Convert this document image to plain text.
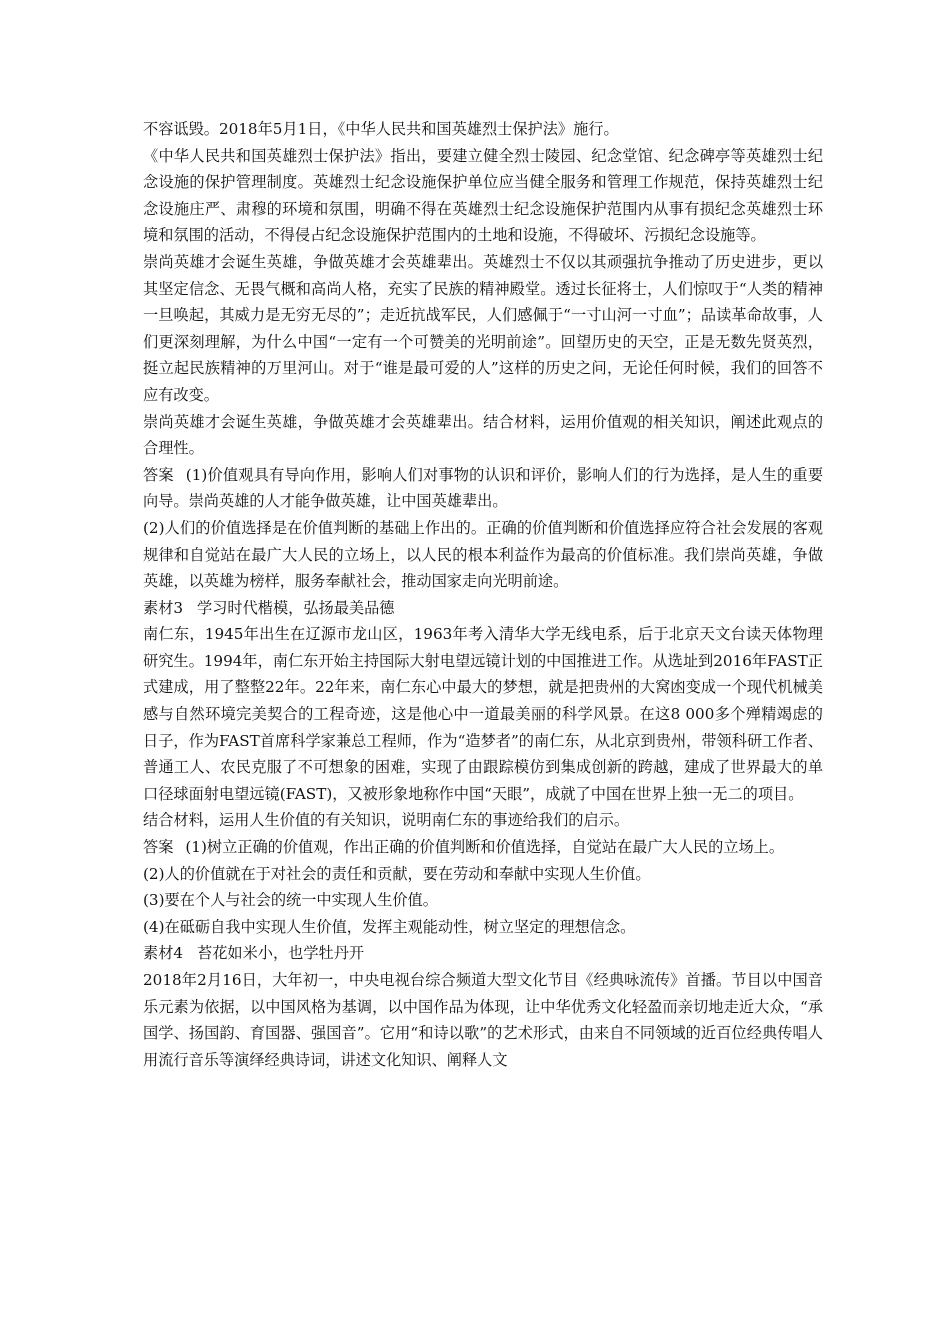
不容诋毁。2018年5月1日，《中华人民共和国英雄烈士保护法》施行。

《中华人民共和国英雄烈士保护法》指出，要建立健全烈士陵园、纪念堂馆、纪念碑亭等英雄烈士纪念设施的保护管理制度。英雄烈士纪念设施保护单位应当健全服务和管理工作规范，保持英雄烈士纪念设施庄严、肃穆的环境和氛围，明确不得在英雄烈士纪念设施保护范围内从事有损纪念英雄烈士环境和氛围的活动，不得侵占纪念设施保护范围内的土地和设施，不得破坏、污损纪念设施等。

崇尚英雄才会诞生英雄，争做英雄才会英雄辈出。英雄烈士不仅以其顽强抗争推动了历史进步，更以其坚定信念、无畏气概和高尚人格，充实了民族的精神殿堂。透过长征将士，人们惊叹于“人类的精神一旦唤起，其威力是无穷无尽的”；走近抗战军民，人们感佩于“一寸山河一寸血”；品读革命故事，人们更深刻理解，为什么中国“一定有一个可赞美的光明前途”。回望历史的天空，正是无数先贤英烈，挺立起民族精神的万里河山。对于“谁是最可爱的人”这样的历史之问，无论任何时候，我们的回答不应有改变。

崇尚英雄才会诞生英雄，争做英雄才会英雄辈出。结合材料，运用价值观的相关知识，阐述此观点的合理性。

答案 (1)价值观具有导向作用，影响人们对事物的认识和评价，影响人们的行为选择，是人生的重要向导。崇尚英雄的人才能争做英雄，让中国英雄辈出。

(2)人们的价值选择是在价值判断的基础上作出的。正确的价值判断和价值选择应符合社会发展的客观规律和自觉站在最广大人民的立场上，以人民的根本利益作为最高的价值标准。我们崇尚英雄，争做英雄，以英雄为榜样，服务奉献社会，推动国家走向光明前途。

素材3 学习时代楷模，弘扬最美品德

南仁东，1945年出生在辽源市龙山区，1963年考入清华大学无线电系，后于北京天文台读天体物理研究生。1994年，南仁东开始主持国际大射电望远镜计划的中国推进工作。从选址到2016年FAST正式建成，用了整整22年。22年来，南仁东心中最大的梦想，就是把贵州的大窝凼变成一个现代机械美感与自然环境完美契合的工程奇迹，这是他心中一道最美丽的科学风景。在这8 000多个殚精竭虑的日子，作为FAST首席科学家兼总工程师，作为“造梦者”的南仁东，从北京到贵州，带领科研工作者、普通工人、农民克服了不可想象的困难，实现了由跟踪模仿到集成创新的跨越，建成了世界最大的单口径球面射电望远镜(FAST)，又被形象地称作中国“天眼”，成就了中国在世界上独一无二的项目。

结合材料，运用人生价值的有关知识，说明南仁东的事迹给我们的启示。

答案 (1)树立正确的价值观，作出正确的价值判断和价值选择，自觉站在最广大人民的立场上。

(2)人的价值就在于对社会的责任和贡献，要在劳动和奉献中实现人生价值。

(3)要在个人与社会的统一中实现人生价值。

(4)在砥砺自我中实现人生价值，发挥主观能动性，树立坚定的理想信念。

素材4 苔花如米小，也学牡丹开

2018年2月16日，大年初一，中央电视台综合频道大型文化节目《经典咏流传》首播。节目以中国音乐元素为依据，以中国风格为基调，以中国作品为体现，让中华优秀文化轻盈而亲切地走近大众，“承国学、扬国韵、育国器、强国音”。它用“和诗以歌”的艺术形式，由来自不同领域的近百位经典传唱人用流行音乐等演绎经典诗词，讲述文化知识、阐释人文
